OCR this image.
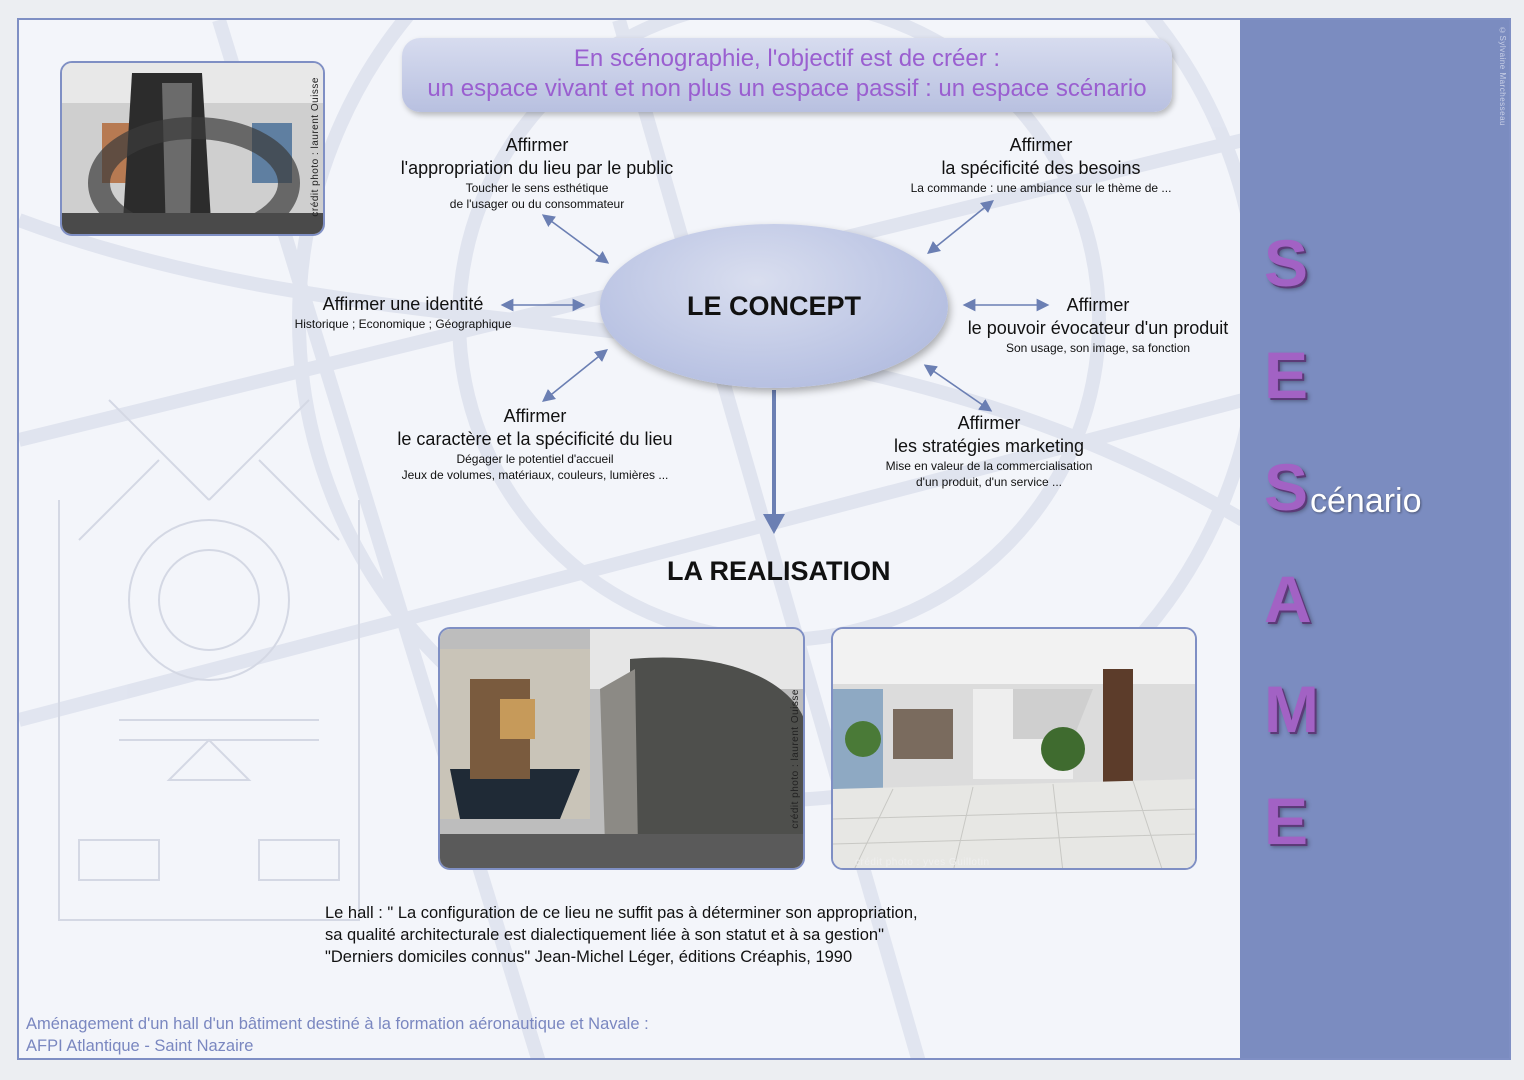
En scénographie, l'objectif est de créer :
un espace vivant et non plus un espace passif : un espace scénario
crédit photo : laurent Ouisse
LE CONCEPT
Affirmer
l'appropriation du lieu par le public
Toucher le sens esthétique
de l'usager ou du consommateur
Affirmer
la spécificité des besoins
La commande : une ambiance sur le thème de ...
Affirmer une identité
Historique ; Economique ; Géographique
Affirmer
le pouvoir évocateur d'un produit
Son usage, son image, sa fonction
Affirmer
le caractère et la spécificité du lieu
Dégager le potentiel d'accueil
Jeux de volumes, matériaux, couleurs, lumières ...
Affirmer
les stratégies marketing
Mise en valeur de la commercialisation
d'un produit, d'un service ...
LA REALISATION
crédit photo : laurent Ouisse
crédit photo : yves Guillotin
Le hall : " La configuration de ce lieu ne suffit pas à déterminer son appropriation,
sa qualité architecturale est dialectiquement liée à son statut et à sa gestion"
"Derniers domiciles connus" Jean-Michel Léger, éditions Créaphis, 1990
Aménagement d'un hall d'un bâtiment destiné à la formation aéronautique et Navale :
AFPI Atlantique - Saint Nazaire
©Sylvaine Marchesseau
S
E
S cénario
A
M
E
